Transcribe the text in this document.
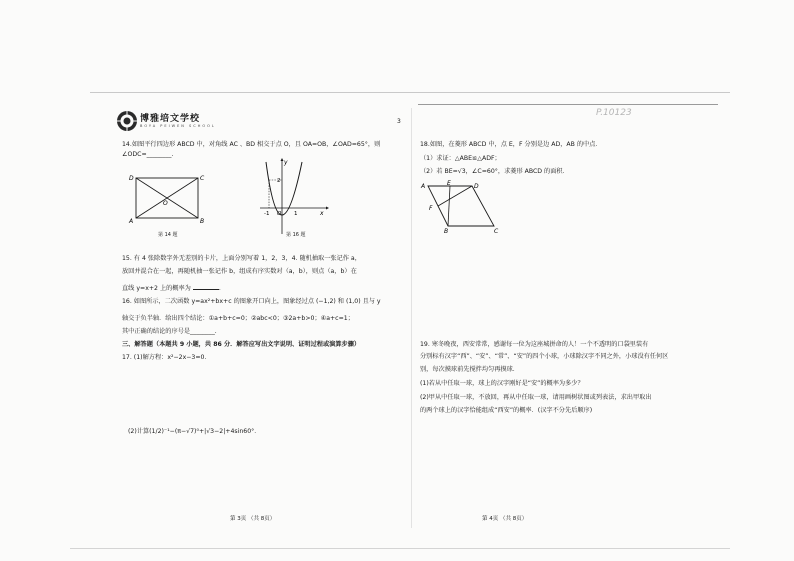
博雅培文学校
BOYA PEIWEN SCHOOL
3
P.10123
14.如图平行四边形 ABCD 中，对角线 AC 、BD 相交于点 O，且 OA=OB，∠OAD=65°，则
∠ODC=________.
D	C
A	B
O
第 14 题
y
2
-1 O 1	x
第 16 题
15. 有 4 张除数字外无差别的卡片，上面分别写着 1，2，3，4. 随机抽取一张记作 a，
放回并混合在一起，再随机抽一张记作 b，组成有序实数对（a，b），则点（a，b）在
直线 y=x+2 上的概率为	.
16. 如图所示，二次函数 y=ax²+bx+c 的图象开口向上，图象经过点 (−1,2) 和 (1,0) 且与 y
轴交于负半轴．给出四个结论：①a+b+c=0；②abc<0；③2a+b>0；④a+c=1；
其中正确的结论的序号是________.
三、解答题（本题共 9 小题，共 86 分．解答应写出文字说明、证明过程或演算步骤）
17. (1)解方程：x²−2x−3=0．
(2)计算(1/2)⁻¹−(π−√7)⁰+|√3−2|+4sin60°．
第 3页 （共 8页）
18.如图，在菱形 ABCD 中，点 E，F 分别是边 AD，AB 的中点．
（1）求证：△ABE≌△ADF；
（2）若 BE=√3，∠C=60°，求菱形 ABCD 的面积．
A
F
E
B
D
C
19. 寒冬晚夜，西安常常，感谢每一位为这座城拼命的人！一个不透明的口袋里装有
分别标有汉字“西”、“安”、“常”、“安”的四个小球，小球除汉字不同之外，小球没有任何区
别，每次摸球前先搅拌均匀再摸球．
(1)若从中任取一球，球上的汉字刚好是“安”的概率为多少？
(2)甲从中任取一球，不放回，再从中任取一球，请用画树状图或列表法，求出甲取出
的两个球上的汉字恰能组成“西安”的概率．(汉字不分先后顺序)
第 4页 （共 8页）
